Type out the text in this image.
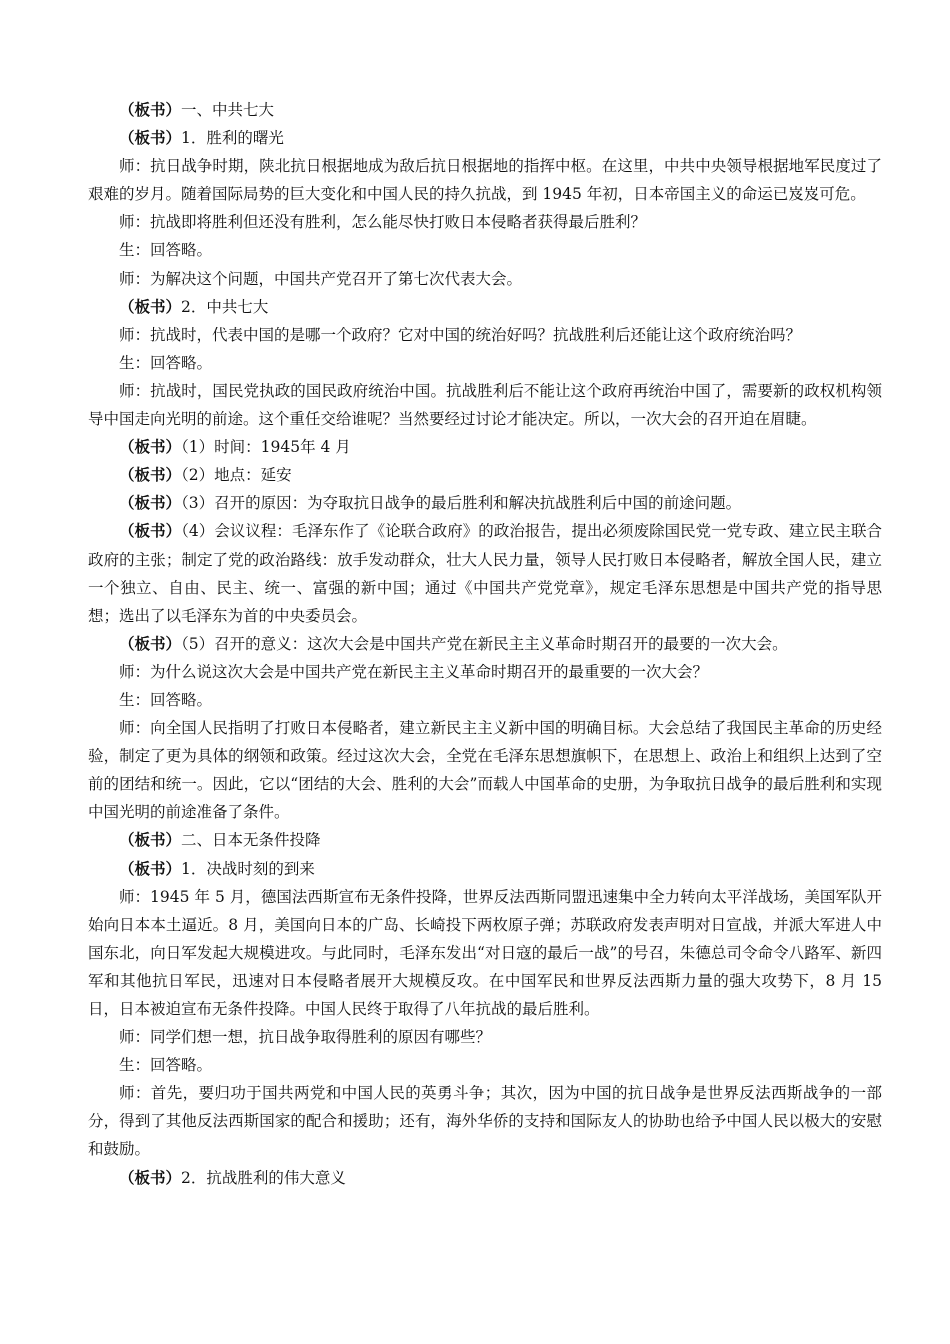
（板书）一、中共七大

（板书）1．胜利的曙光

师：抗日战争时期，陕北抗日根据地成为敌后抗日根据地的指挥中枢。在这里，中共中央领导根据地军民度过了艰难的岁月。随着国际局势的巨大变化和中国人民的持久抗战，到 1945 年初，日本帝国主义的命运已岌岌可危。

师：抗战即将胜利但还没有胜利，怎么能尽快打败日本侵略者获得最后胜利？

生：回答略。

师：为解决这个问题，中国共产党召开了第七次代表大会。

（板书）2．中共七大

师：抗战时，代表中国的是哪一个政府？它对中国的统治好吗？抗战胜利后还能让这个政府统治吗？

生：回答略。

师：抗战时，国民党执政的国民政府统治中国。抗战胜利后不能让这个政府再统治中国了，需要新的政权机构领导中国走向光明的前途。这个重任交给谁呢？当然要经过讨论才能决定。所以，一次大会的召开迫在眉睫。

（板书）（1）时间：1945年 4 月

（板书）（2）地点：延安

（板书）（3）召开的原因：为夺取抗日战争的最后胜利和解决抗战胜利后中国的前途问题。

（板书）（4）会议议程：毛泽东作了《论联合政府》的政治报告，提出必须废除国民党一党专政、建立民主联合政府的主张；制定了党的政治路线：放手发动群众，壮大人民力量，领导人民打败日本侵略者，解放全国人民，建立一个独立、自由、民主、统一、富强的新中国；通过《中国共产党党章》，规定毛泽东思想是中国共产党的指导思想；选出了以毛泽东为首的中央委员会。

（板书）（5）召开的意义：这次大会是中国共产党在新民主主义革命时期召开的最要的一次大会。

师：为什么说这次大会是中国共产党在新民主主义革命时期召开的最重要的一次大会？

生：回答略。

师：向全国人民指明了打败日本侵略者，建立新民主主义新中国的明确目标。大会总结了我国民主革命的历史经验，制定了更为具体的纲领和政策。经过这次大会，全党在毛泽东思想旗帜下，在思想上、政治上和组织上达到了空前的团结和统一。因此，它以“团结的大会、胜利的大会”而载人中国革命的史册，为争取抗日战争的最后胜利和实现中国光明的前途准备了条件。

（板书）二、日本无条件投降

（板书）1．决战时刻的到来

师：1945 年 5 月，德国法西斯宣布无条件投降，世界反法西斯同盟迅速集中全力转向太平洋战场，美国军队开始向日本本土逼近。8 月，美国向日本的广岛、长崎投下两枚原子弹；苏联政府发表声明对日宣战，并派大军进人中国东北，向日军发起大规模进攻。与此同时，毛泽东发出“对日寇的最后一战”的号召，朱德总司令命令八路军、新四军和其他抗日军民，迅速对日本侵略者展开大规模反攻。在中国军民和世界反法西斯力量的强大攻势下，8 月 15 日，日本被迫宣布无条件投降。中国人民终于取得了八年抗战的最后胜利。

师：同学们想一想，抗日战争取得胜利的原因有哪些？

生：回答略。

师：首先，要归功于国共两党和中国人民的英勇斗争；其次，因为中国的抗日战争是世界反法西斯战争的一部分，得到了其他反法西斯国家的配合和援助；还有，海外华侨的支持和国际友人的协助也给予中国人民以极大的安慰和鼓励。

（板书）2．抗战胜利的伟大意义
